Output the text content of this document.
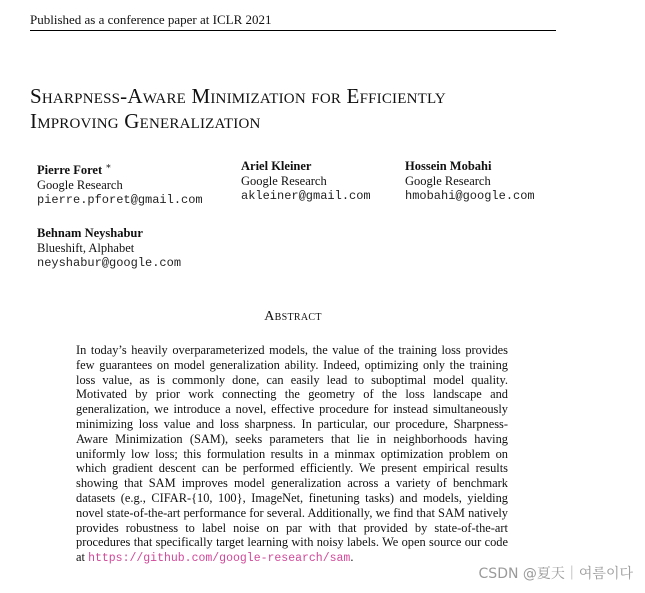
Published as a conference paper at ICLR 2021
Sharpness-Aware Minimization for Efficiently
Improving Generalization
Pierre Foret ∗
Google Research
pierre.pforet@gmail.com
Ariel Kleiner
Google Research
akleiner@gmail.com
Hossein Mobahi
Google Research
hmobahi@google.com
Behnam Neyshabur
Blueshift, Alphabet
neyshabur@google.com
Abstract
In today’s heavily overparameterized models, the value of the training loss provides few guarantees on model generalization ability. Indeed, optimizing only the training loss value, as is commonly done, can easily lead to suboptimal model quality. Motivated by prior work connecting the geometry of the loss landscape and generalization, we introduce a novel, effective procedure for instead simultaneously minimizing loss value and loss sharpness. In particular, our procedure, Sharpness-Aware Minimization (SAM), seeks parameters that lie in neighborhoods having uniformly low loss; this formulation results in a minmax optimization problem on which gradient descent can be performed efficiently. We present empirical results showing that SAM improves model generalization across a variety of benchmark datasets (e.g., CIFAR-{10, 100}, ImageNet, finetuning tasks) and models, yielding novel state-of-the-art performance for several. Additionally, we find that SAM natively provides robustness to label noise on par with that provided by state-of-the-art procedures that specifically target learning with noisy labels. We open source our code at https://github.com/google-research/sam.
CSDN @夏天｜여름이다
